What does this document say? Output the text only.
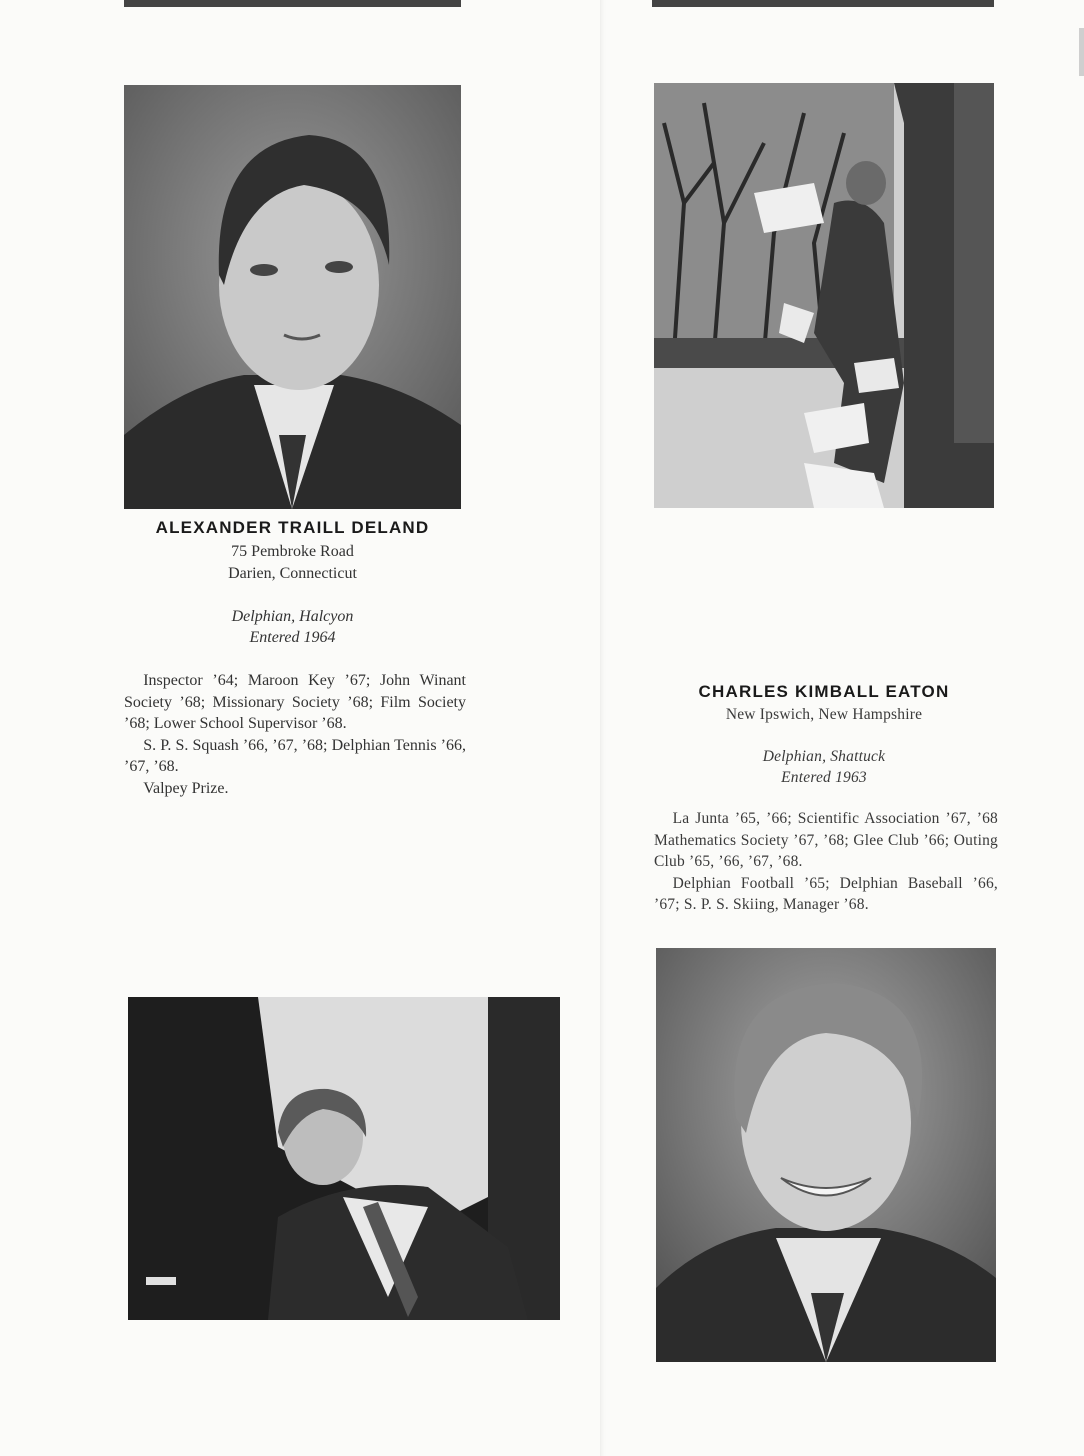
ALEXANDER TRAILL DELAND
75 Pembroke Road
Darien, Connecticut
Delphian, Halcyon
Entered 1964

Inspector ’64; Maroon Key ’67; John Winant Society ’68; Missionary Society ’68; Film Society ’68; Lower School Supervisor ’68.

S. P. S. Squash ’66, ’67, ’68; Delphian Tennis ’66, ’67, ’68.

Valpey Prize.

CHARLES KIMBALL EATON
New Ipswich, New Hampshire
Delphian, Shattuck
Entered 1963

La Junta ’65, ’66; Scientific Association ’67, ’68 Mathematics Society ’67, ’68; Glee Club ’66; Outing Club ’65, ’66, ’67, ’68.

Delphian Football ’65; Delphian Baseball ’66, ’67; S. P. S. Skiing, Manager ’68.
